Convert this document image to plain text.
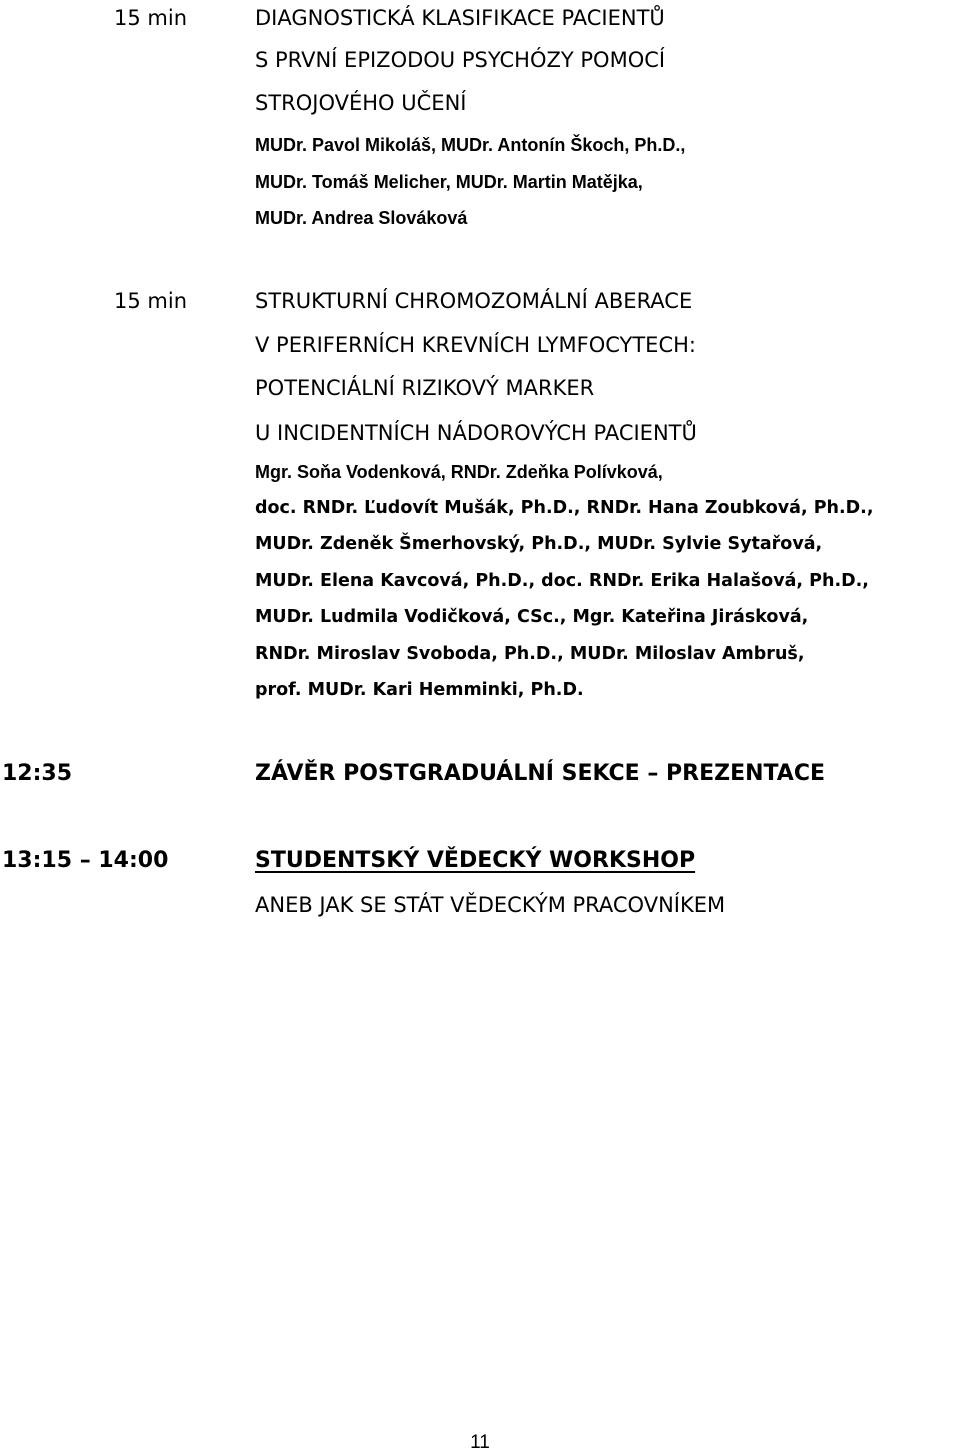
15 min	DIAGNOSTICKÁ KLASIFIKACE PACIENTŮ
S PRVNÍ EPIZODOU PSYCHÓZY POMOCÍ
STROJOVÉHO UČENÍ
MUDr. Pavol Mikoláš, MUDr. Antonín Škoch, Ph.D.,
MUDr. Tomáš Melicher, MUDr. Martin Matějka,
MUDr. Andrea Slováková
15 min	STRUKTURNÍ CHROMOZOMÁLNÍ ABERACE
V PERIFERNÍCH KREVNÍCH LYMFOCYTECH:
POTENCIÁLNÍ RIZIKOVÝ MARKER
U INCIDENTNÍCH NÁDOROVÝCH PACIENTŮ
Mgr. Soňa Vodenková, RNDr. Zdeňka Polívková,
doc. RNDr. Ľudovít Mušák, Ph.D., RNDr. Hana Zoubková, Ph.D.,
MUDr. Zdeněk Šmerhovský, Ph.D., MUDr. Sylvie Sytařová,
MUDr. Elena Kavcová, Ph.D., doc. RNDr. Erika Halašová, Ph.D.,
MUDr. Ludmila Vodičková, CSc., Mgr. Kateřina Jirásková,
RNDr. Miroslav Svoboda, Ph.D., MUDr. Miloslav Ambruš,
prof. MUDr. Kari Hemminki, Ph.D.
12:35	ZÁVĚR POSTGRADUÁLNÍ SEKCE – PREZENTACE
13:15 – 14:00	STUDENTSKÝ VĚDECKÝ WORKSHOP
ANEB JAK SE STÁT VĚDECKÝM PRACOVNÍKEM
11
